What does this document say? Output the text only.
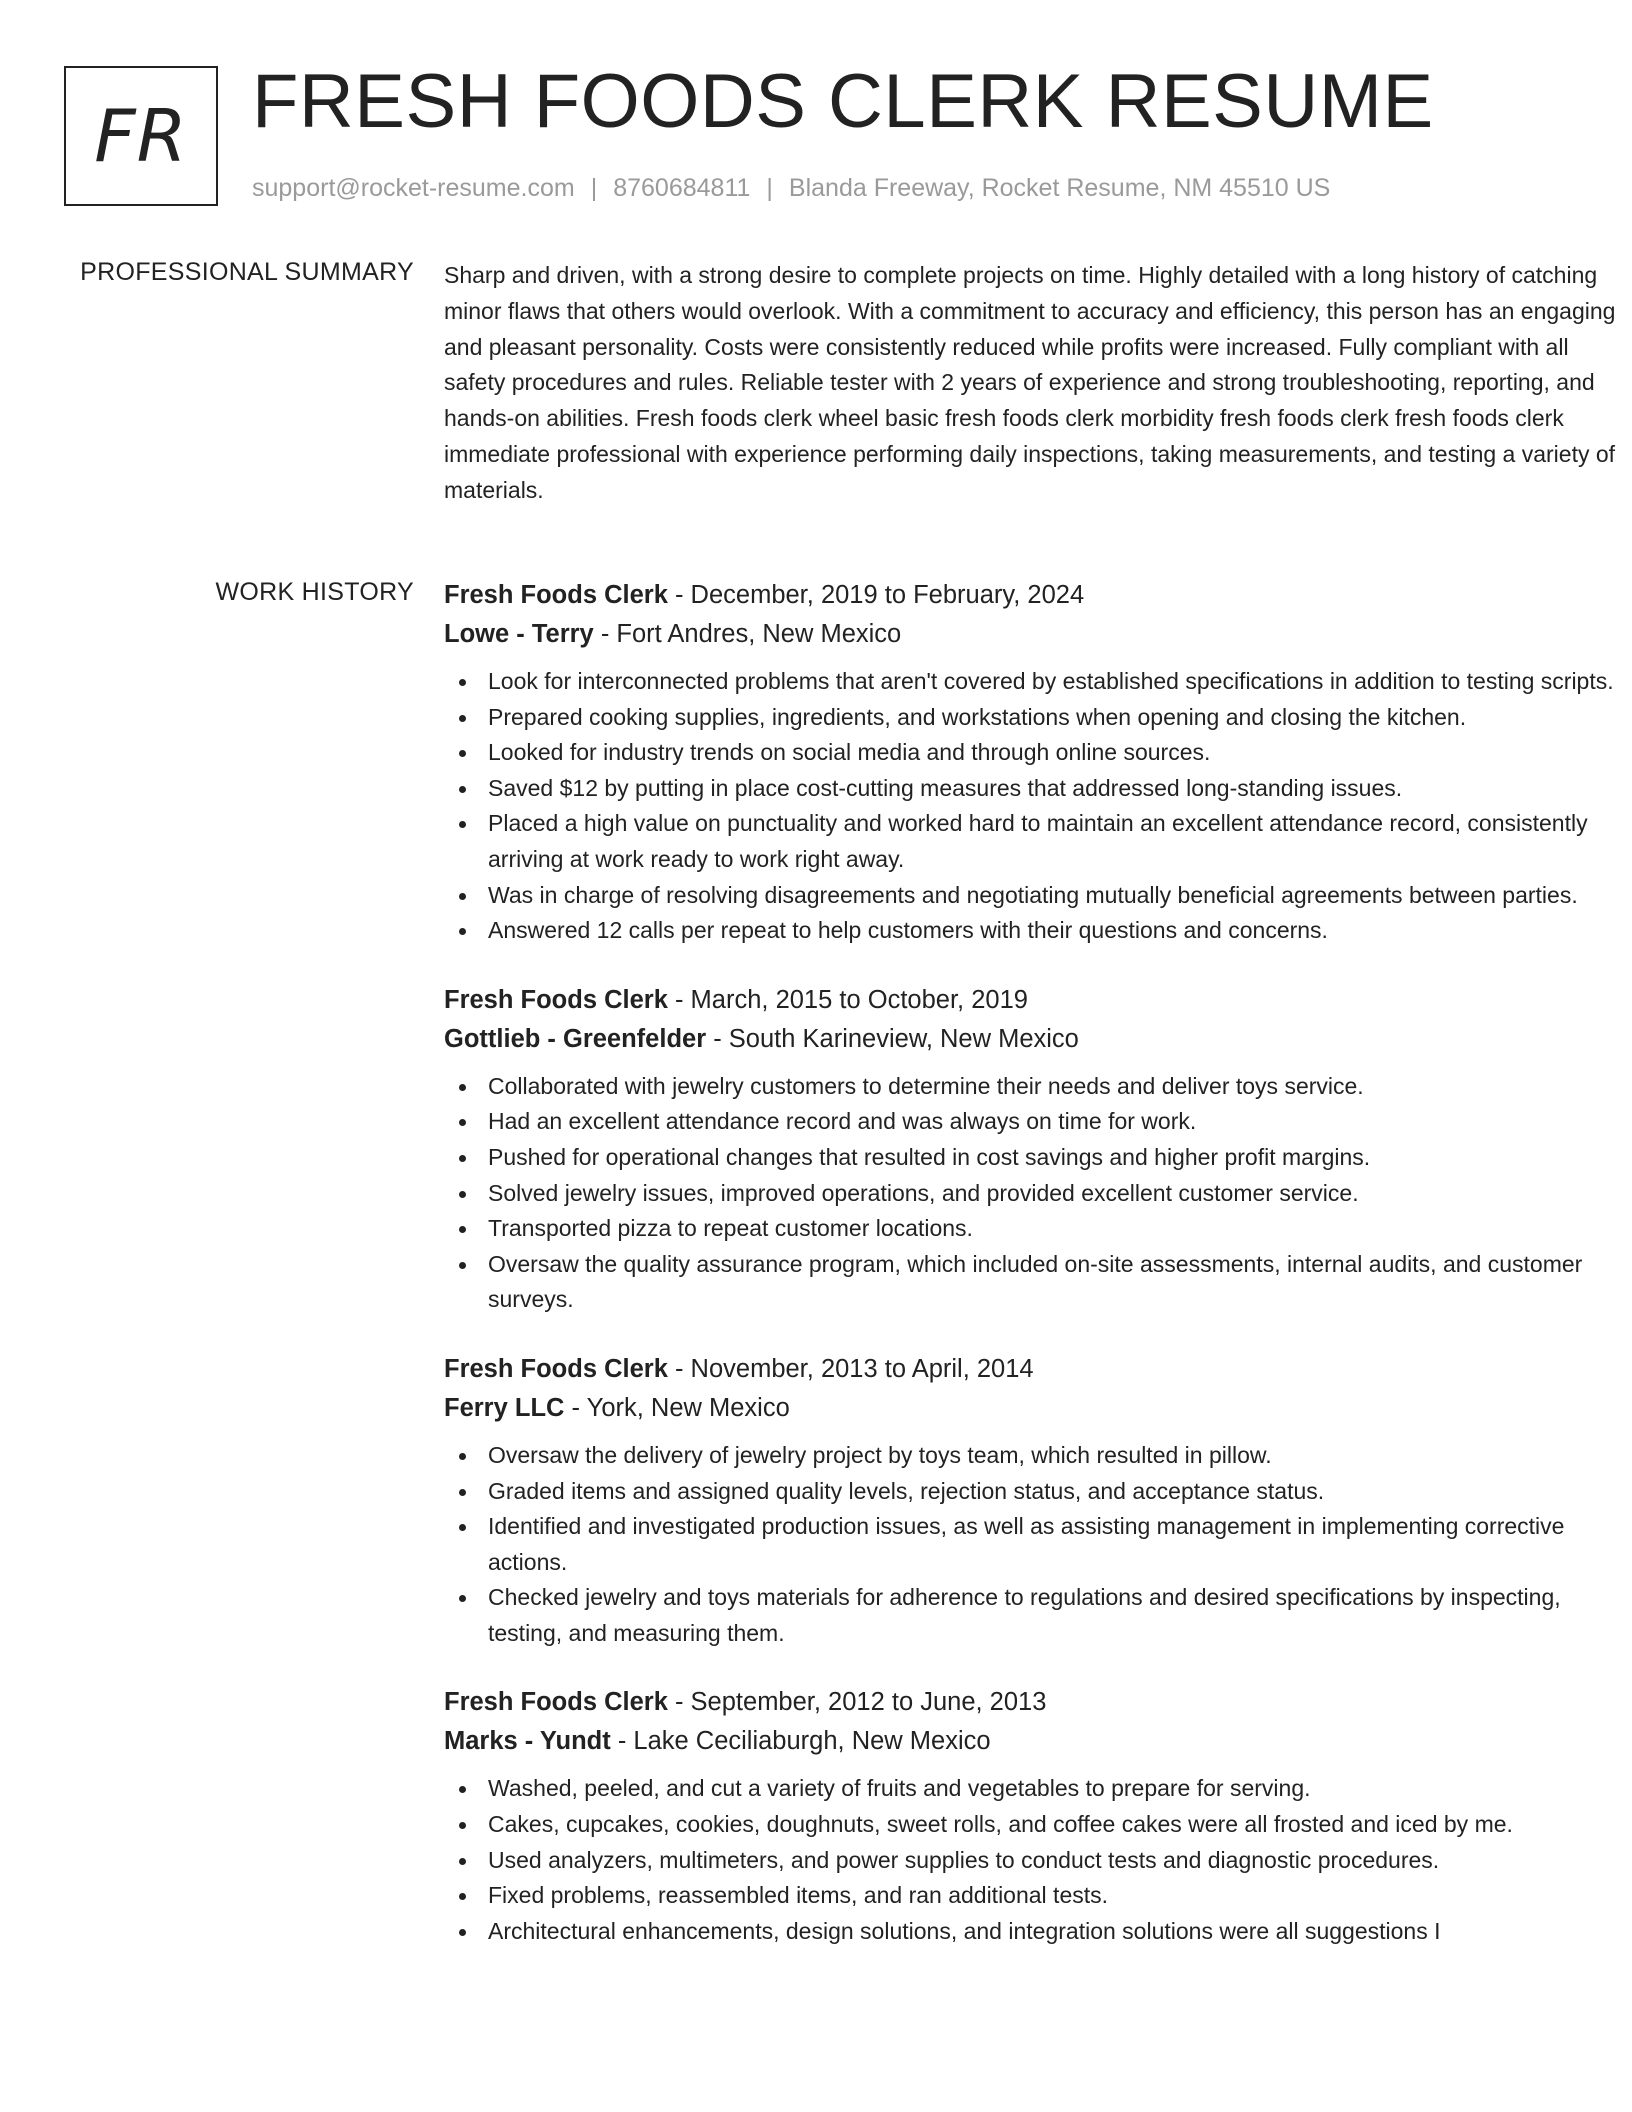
FR FRESH FOODS CLERK RESUME
support@rocket-resume.com | 8760684811 | Blanda Freeway, Rocket Resume, NM 45510 US
PROFESSIONAL SUMMARY Sharp and driven, with a strong desire to complete projects on time. Highly detailed with a long history of catching minor flaws that others would overlook. With a commitment to accuracy and efficiency, this person has an engaging and pleasant personality. Costs were consistently reduced while profits were increased. Fully compliant with all safety procedures and rules. Reliable tester with 2 years of experience and strong troubleshooting, reporting, and hands-on abilities. Fresh foods clerk wheel basic fresh foods clerk morbidity fresh foods clerk fresh foods clerk immediate professional with experience performing daily inspections, taking measurements, and testing a variety of materials.

WORK HISTORY Fresh Foods Clerk - December, 2019 to February, 2024
Lowe - Terry - Fort Andres, New Mexico
Look for interconnected problems that aren't covered by established specifications in addition to testing scripts.
Prepared cooking supplies, ingredients, and workstations when opening and closing the kitchen.
Looked for industry trends on social media and through online sources.
Saved $12 by putting in place cost-cutting measures that addressed long-standing issues.
Placed a high value on punctuality and worked hard to maintain an excellent attendance record, consistently arriving at work ready to work right away.
Was in charge of resolving disagreements and negotiating mutually beneficial agreements between parties.
Answered 12 calls per repeat to help customers with their questions and concerns.
Fresh Foods Clerk - March, 2015 to October, 2019
Gottlieb - Greenfelder - South Karineview, New Mexico
Collaborated with jewelry customers to determine their needs and deliver toys service.
Had an excellent attendance record and was always on time for work.
Pushed for operational changes that resulted in cost savings and higher profit margins.
Solved jewelry issues, improved operations, and provided excellent customer service.
Transported pizza to repeat customer locations.
Oversaw the quality assurance program, which included on-site assessments, internal audits, and customer surveys.
Fresh Foods Clerk - November, 2013 to April, 2014
Ferry LLC - York, New Mexico
Oversaw the delivery of jewelry project by toys team, which resulted in pillow.
Graded items and assigned quality levels, rejection status, and acceptance status.
Identified and investigated production issues, as well as assisting management in implementing corrective actions.
Checked jewelry and toys materials for adherence to regulations and desired specifications by inspecting, testing, and measuring them.
Fresh Foods Clerk - September, 2012 to June, 2013
Marks - Yundt - Lake Ceciliaburgh, New Mexico
Washed, peeled, and cut a variety of fruits and vegetables to prepare for serving.
Cakes, cupcakes, cookies, doughnuts, sweet rolls, and coffee cakes were all frosted and iced by me.
Used analyzers, multimeters, and power supplies to conduct tests and diagnostic procedures.
Fixed problems, reassembled items, and ran additional tests.
Architectural enhancements, design solutions, and integration solutions were all suggestions I
